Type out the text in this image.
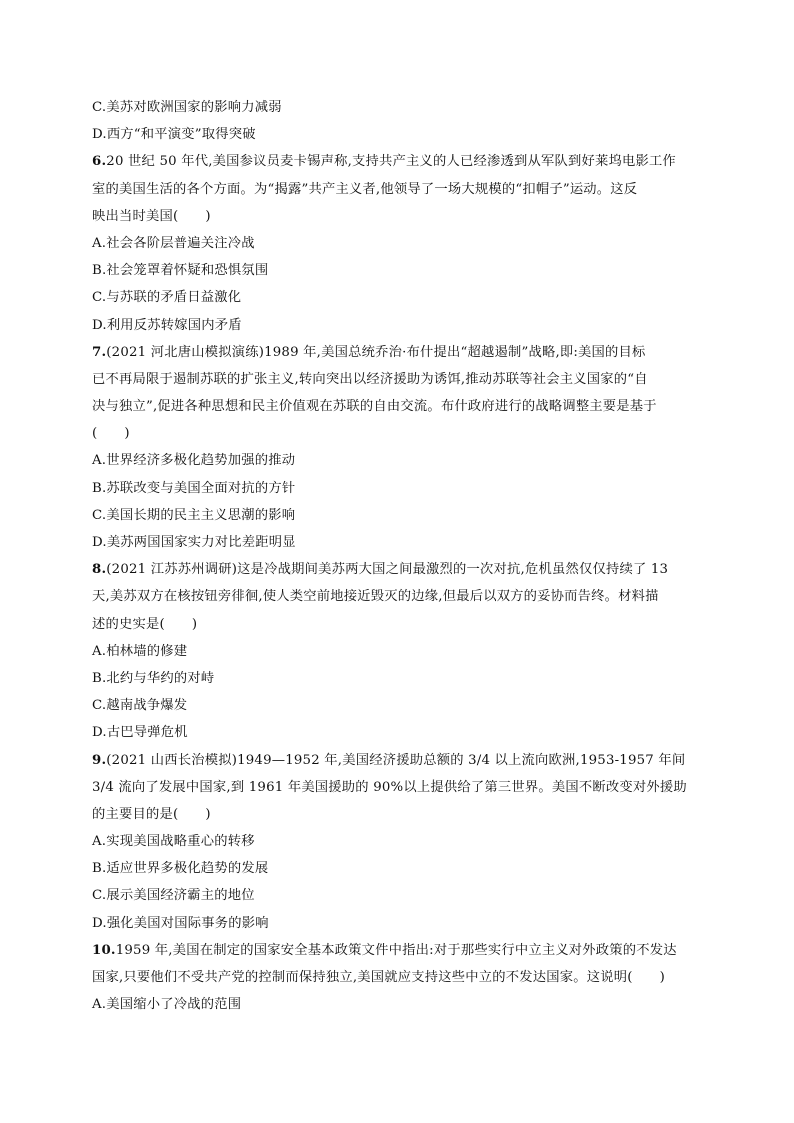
C.美苏对欧洲国家的影响力减弱
D.西方“和平演变”取得突破
6.20 世纪 50 年代,美国参议员麦卡锡声称,支持共产主义的人已经渗透到从军队到好莱坞电影工作
室的美国生活的各个方面。为“揭露”共产主义者,他领导了一场大规模的“扣帽子”运动。这反
映出当时美国(　　)
A.社会各阶层普遍关注冷战
B.社会笼罩着怀疑和恐惧氛围
C.与苏联的矛盾日益激化
D.利用反苏转嫁国内矛盾
7.(2021 河北唐山模拟演练)1989 年,美国总统乔治·布什提出“超越遏制”战略,即:美国的目标
已不再局限于遏制苏联的扩张主义,转向突出以经济援助为诱饵,推动苏联等社会主义国家的“自
决与独立”,促进各种思想和民主价值观在苏联的自由交流。布什政府进行的战略调整主要是基于
(　　)
A.世界经济多极化趋势加强的推动
B.苏联改变与美国全面对抗的方针
C.美国长期的民主主义思潮的影响
D.美苏两国国家实力对比差距明显
8.(2021 江苏苏州调研)这是冷战期间美苏两大国之间最激烈的一次对抗,危机虽然仅仅持续了 13
天,美苏双方在核按钮旁徘徊,使人类空前地接近毁灭的边缘,但最后以双方的妥协而告终。材料描
述的史实是(　　)
A.柏林墙的修建
B.北约与华约的对峙
C.越南战争爆发
D.古巴导弹危机
9.(2021 山西长治模拟)1949—1952 年,美国经济援助总额的 3/4 以上流向欧洲,1953-1957 年间
3/4 流向了发展中国家,到 1961 年美国援助的 90%以上提供给了第三世界。美国不断改变对外援助
的主要目的是(　　)
A.实现美国战略重心的转移
B.适应世界多极化趋势的发展
C.展示美国经济霸主的地位
D.强化美国对国际事务的影响
10.1959 年,美国在制定的国家安全基本政策文件中指出:对于那些实行中立主义对外政策的不发达
国家,只要他们不受共产党的控制而保持独立,美国就应支持这些中立的不发达国家。这说明(　　)
A.美国缩小了冷战的范围
